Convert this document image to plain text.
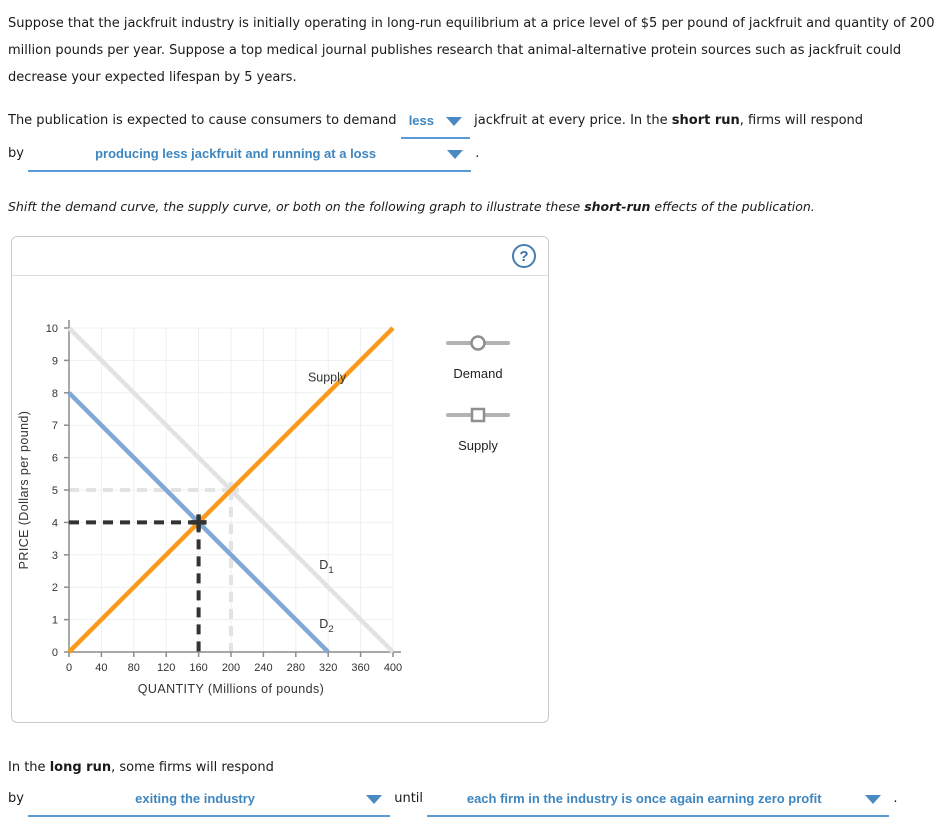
Suppose that the jackfruit industry is initially operating in long-run equilibrium at a price level of $5 per pound of jackfruit and quantity of 200
million pounds per year. Suppose a top medical journal publishes research that animal-alternative protein sources such as jackfruit could
decrease your expected lifespan by 5 years.
The publication is expected to cause consumers to demand less	jackfruit at every price. In the short run, firms will respond
by	producing less jackfruit and running at a loss	.
Shift the demand curve, the supply curve, or both on the following graph to illustrate these short-run effects of the publication.
?
0 40 80 120 160 200 240 280 320 360 400
0
1
2
3
4
5
6
7
8
9
10
QUANTITY (Millions of pounds)
PRICE (Dollars per pound)	$D_1$
$D_2$
Supply	Demand
Supply
In the long run, some firms will respond
by	exiting the industry	until	each firm in the industry is once again earning zero profit	.
